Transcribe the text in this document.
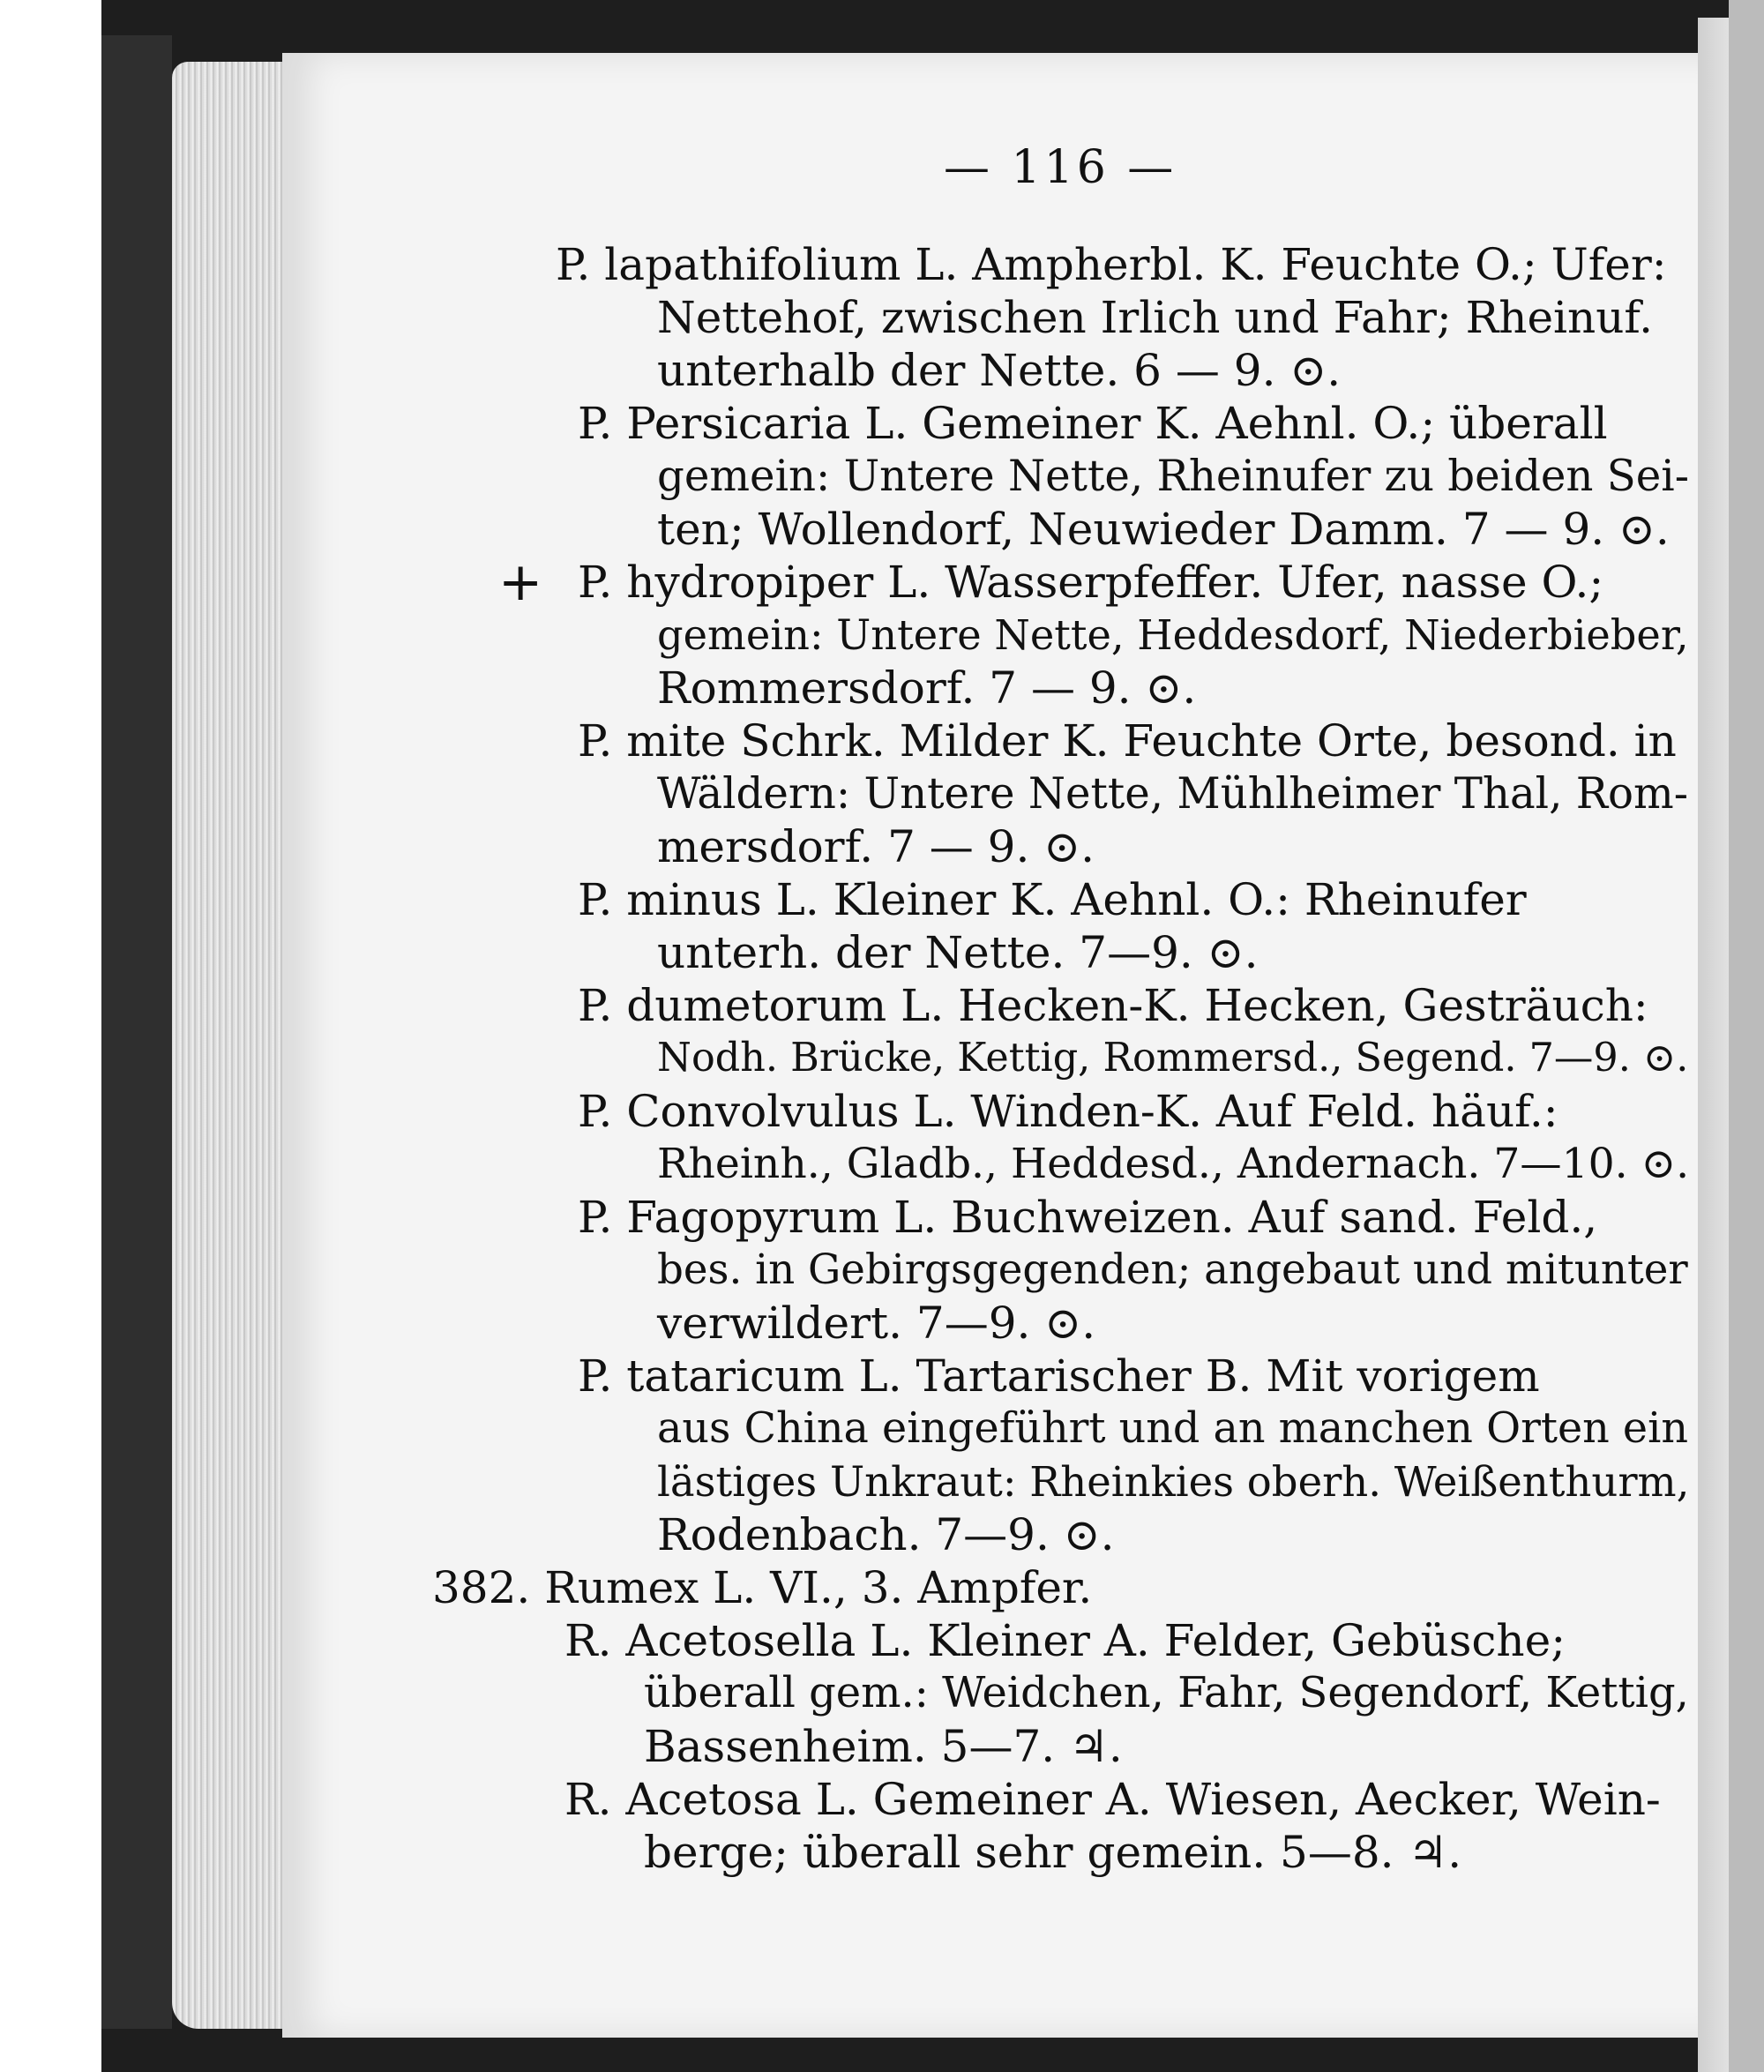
— 116 —
+
P. lapathifolium L. Ampherbl. K. Feuchte O.; Ufer:
Nettehof, zwischen Irlich und Fahr; Rheinuf.
unterhalb der Nette. 6 — 9. ⊙.
P. Persicaria L. Gemeiner K. Aehnl. O.; überall
gemein: Untere Nette, Rheinufer zu beiden Sei-
ten; Wollendorf, Neuwieder Damm. 7 — 9. ⊙.
P. hydropiper L. Wasserpfeffer. Ufer, nasse O.;
gemein: Untere Nette, Heddesdorf, Niederbieber,
Rommersdorf. 7 — 9. ⊙.
P. mite Schrk. Milder K. Feuchte Orte, besond. in
Wäldern: Untere Nette, Mühlheimer Thal, Rom-
mersdorf. 7 — 9. ⊙.
P. minus L. Kleiner K. Aehnl. O.: Rheinufer
unterh. der Nette. 7—9. ⊙.
P. dumetorum L. Hecken-K. Hecken, Gesträuch:
Nodh. Brücke, Kettig, Rommersd., Segend. 7—9. ⊙.
P. Convolvulus L. Winden-K. Auf Feld. häuf.:
Rheinh., Gladb., Heddesd., Andernach. 7—10. ⊙.
P. Fagopyrum L. Buchweizen. Auf sand. Feld.,
bes. in Gebirgsgegenden; angebaut und mitunter
verwildert. 7—9. ⊙.
P. tataricum L. Tartarischer B. Mit vorigem
aus China eingeführt und an manchen Orten ein
lästiges Unkraut: Rheinkies oberh. Weißenthurm,
Rodenbach. 7—9. ⊙.
382. Rumex L. VI., 3. Ampfer.
R. Acetosella L. Kleiner A. Felder, Gebüsche;
überall gem.: Weidchen, Fahr, Segendorf, Kettig,
Bassenheim. 5—7. ♃.
R. Acetosa L. Gemeiner A. Wiesen, Aecker, Wein-
berge; überall sehr gemein. 5—8. ♃.
